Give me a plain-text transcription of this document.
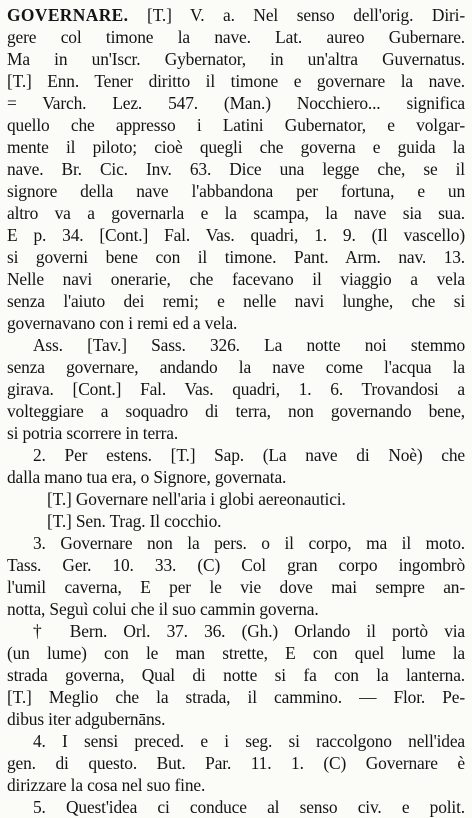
GOVERNARE. [T.] V. a. Nel senso dell'orig. Diri-
gere col timone la nave. Lat. aureo Gubernare.
Ma in un'Iscr. Gybernator, in un'altra Guvernatus.
[T.] Enn. Tener diritto il timone e governare la nave.
= Varch. Lez. 547. (Man.) Nocchiero... significa
quello che appresso i Latini Gubernator, e volgar-
mente il piloto; cioè quegli che governa e guida la
nave. Br. Cic. Inv. 63. Dice una legge che, se il
signore della nave l'abbandona per fortuna, e un
altro va a governarla e la scampa, la nave sia sua.
E p. 34. [Cont.] Fal. Vas. quadri, 1. 9. (Il vascello)
si governi bene con il timone. Pant. Arm. nav. 13.
Nelle navi onerarie, che facevano il viaggio a vela
senza l'aiuto dei remi; e nelle navi lunghe, che si
governavano con i remi ed a vela.
Ass. [Tav.] Sass. 326. La notte noi stemmo
senza governare, andando la nave come l'acqua la
girava. [Cont.] Fal. Vas. quadri, 1. 6. Trovandosi a
volteggiare a soquadro di terra, non governando bene,
si potria scorrere in terra.
2. Per estens. [T.] Sap. (La nave di Noè) che
dalla mano tua era, o Signore, governata.
[T.] Governare nell'aria i globi aereonautici.
[T.] Sen. Trag. Il cocchio.
3. Governare non la pers. o il corpo, ma il moto.
Tass. Ger. 10. 33. (C) Col gran corpo ingombrò
l'umil caverna, E per le vie dove mai sempre an-
notta, Seguì colui che il suo cammin governa.
† Bern. Orl. 37. 36. (Gh.) Orlando il portò via
(un lume) con le man strette, E con quel lume la
strada governa, Qual di notte si fa con la lanterna.
[T.] Meglio che la strada, il cammino. — Flor. Pe-
dibus iter adgubernāns.
4. I sensi preced. e i seg. si raccolgono nell'idea
gen. di questo. But. Par. 11. 1. (C) Governare è
dirizzare la cosa nel suo fine.
5. Quest'idea ci conduce al senso civ. e polit.
